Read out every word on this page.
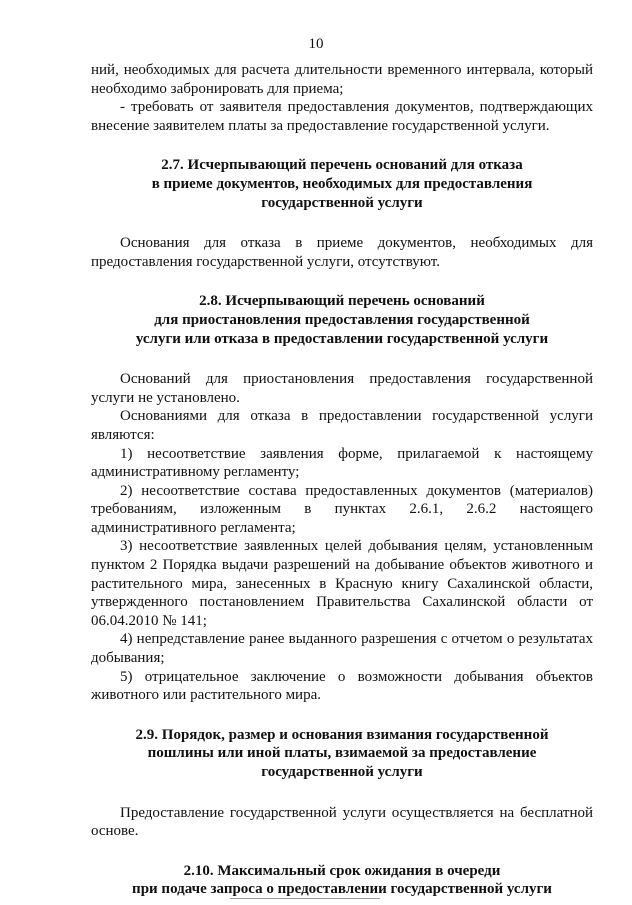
10

ний, необходимых для расчета длительности временного интервала, который необходимо забронировать для приема;

- требовать от заявителя предоставления документов, подтверждающих внесение заявителем платы за предоставление государственной услуги.

2.7. Исчерпывающий перечень оснований для отказа

в приеме документов, необходимых для предоставления

государственной услуги

Основания для отказа в приеме документов, необходимых для предоставления государственной услуги, отсутствуют.

2.8. Исчерпывающий перечень оснований

для приостановления предоставления государственной

услуги или отказа в предоставлении государственной услуги

Оснований для приостановления предоставления государственной услуги не установлено.

Основаниями для отказа в предоставлении государственной услуги являются:

1) несоответствие заявления форме, прилагаемой к настоящему административному регламенту;

2) несоответствие состава предоставленных документов (материалов) требованиям, изложенным в пунктах 2.6.1, 2.6.2 настоящего административного регламента;

3) несоответствие заявленных целей добывания целям, установленным пунктом 2 Порядка выдачи разрешений на добывание объектов животного и растительного мира, занесенных в Красную книгу Сахалинской области, утвержденного постановлением Правительства Сахалинской области от 06.04.2010 № 141;

4) непредставление ранее выданного разрешения с отчетом о результатах добывания;

5) отрицательное заключение о возможности добывания объектов животного или растительного мира.

2.9. Порядок, размер и основания взимания государственной

пошлины или иной платы, взимаемой за предоставление

государственной услуги

Предоставление государственной услуги осуществляется на бесплатной основе.

2.10. Максимальный срок ожидания в очереди

при подаче запроса о предоставлении государственной услуги
